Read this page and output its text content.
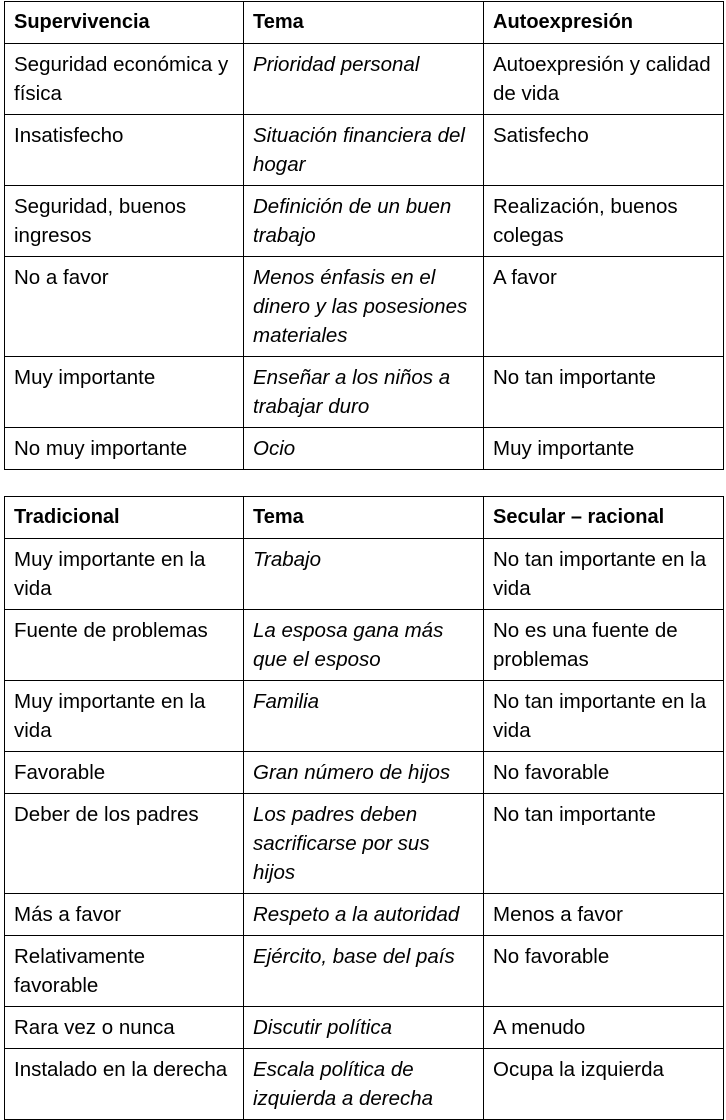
Supervivencia	Tema	Autoexpresión
Seguridad económica y física	Prioridad personal	Autoexpresión y calidad de vida
Insatisfecho	Situación financiera del hogar	Satisfecho
Seguridad, buenos ingresos	Definición de un buen trabajo	Realización, buenos colegas
No a favor	Menos énfasis en el dinero y las posesiones materiales	A favor
Muy importante	Enseñar a los niños a trabajar duro	No tan importante
No muy importante	Ocio	Muy importante
Tradicional	Tema	Secular – racional
Muy importante en la vida	Trabajo	No tan importante en la vida
Fuente de problemas	La esposa gana más que el esposo	No es una fuente de problemas
Muy importante en la vida	Familia	No tan importante en la vida
Favorable	Gran número de hijos	No favorable
Deber de los padres	Los padres deben sacrificarse por sus hijos	No tan importante
Más a favor	Respeto a la autoridad	Menos a favor
Relativamente favorable	Ejército, base del país	No favorable
Rara vez o nunca	Discutir política	A menudo
Instalado en la derecha	Escala política de izquierda a derecha	Ocupa la izquierda
